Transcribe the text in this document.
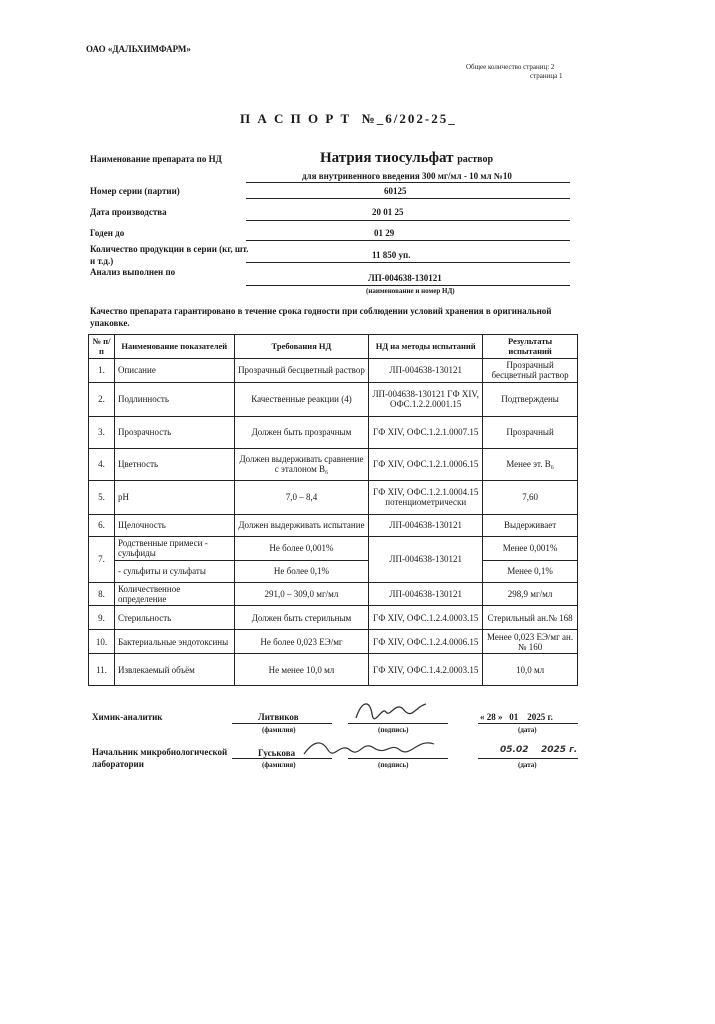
ОАО «ДАЛЬХИМФАРМ»
Общее количество страниц: 2
страница 1
П А С П О Р Т  №_6/202-25_
Наименование препарата по НД	Натрия тиосульфат раствор
для внутривенного введения 300 мг/мл - 10 мл №10
Номер серии (партии)	60125
Дата производства	20 01 25
Годен до	01 29
Количество продукции в серии (кг, шт. и т.д.)
11 850 уп.
Анализ выполнен по
ЛП-004638-130121
(наименование и номер НД)
Качество препарата гарантировано в течение срока годности при соблюдении условий хранения в оригинальной упаковке.
№ п/п	Наименование показателей	Требования НД	НД на методы испытаний	Результаты испытаний
1.	Описание	Прозрачный бесцветный раствор	ЛП-004638-130121	Прозрачный бесцветный раствор
2.	Подлинность	Качественные реакции (4)	ЛП-004638-130121 ГФ XIV, ОФС.1.2.2.0001.15	Подтверждены
3.	Прозрачность	Должен быть прозрачным	ГФ XIV, ОФС.1.2.1.0007.15	Прозрачный
4.	Цветность	Должен выдерживать сравнение с эталоном B₆	ГФ XIV, ОФС.1.2.1.0006.15	Менее эт. B₆
5.	pH	7,0 – 8,4	ГФ XIV, ОФС.1.2.1.0004.15 потенциометрически	7,60
6.	Щелочность	Должен выдерживать испытание	ЛП-004638-130121	Выдерживает
7.	Родственные примеси - сульфиды	Не более 0,001%	ЛП-004638-130121	Менее 0,001%
	- сульфиты и сульфаты	Не более 0,1%		Менее 0,1%
8.	Количественное определение	291,0 – 309,0 мг/мл	ЛП-004638-130121	298,9 мг/мл
9.	Стерильность	Должен быть стерильным	ГФ XIV, ОФС.1.2.4.0003.15	Стерильный ан.№ 168
10.	Бактериальные эндотоксины	Не более 0,023 ЕЭ/мг	ГФ XIV, ОФС.1.2.4.0006.15	Менее 0,023 ЕЭ/мг ан.№ 160
11.	Извлекаемый объём	Не менее 10,0 мл	ГФ XIV, ОФС.1.4.2.0003.15	10,0 мл
Химик-аналитик	Литвиков
(фамилия)	(подпись)
« 28 »   01    2025 г.
(дата)
Начальник микробиологической лаборатории
Гуськова
(фамилия)	(подпись)
05.02    2025 г.
(дата)
